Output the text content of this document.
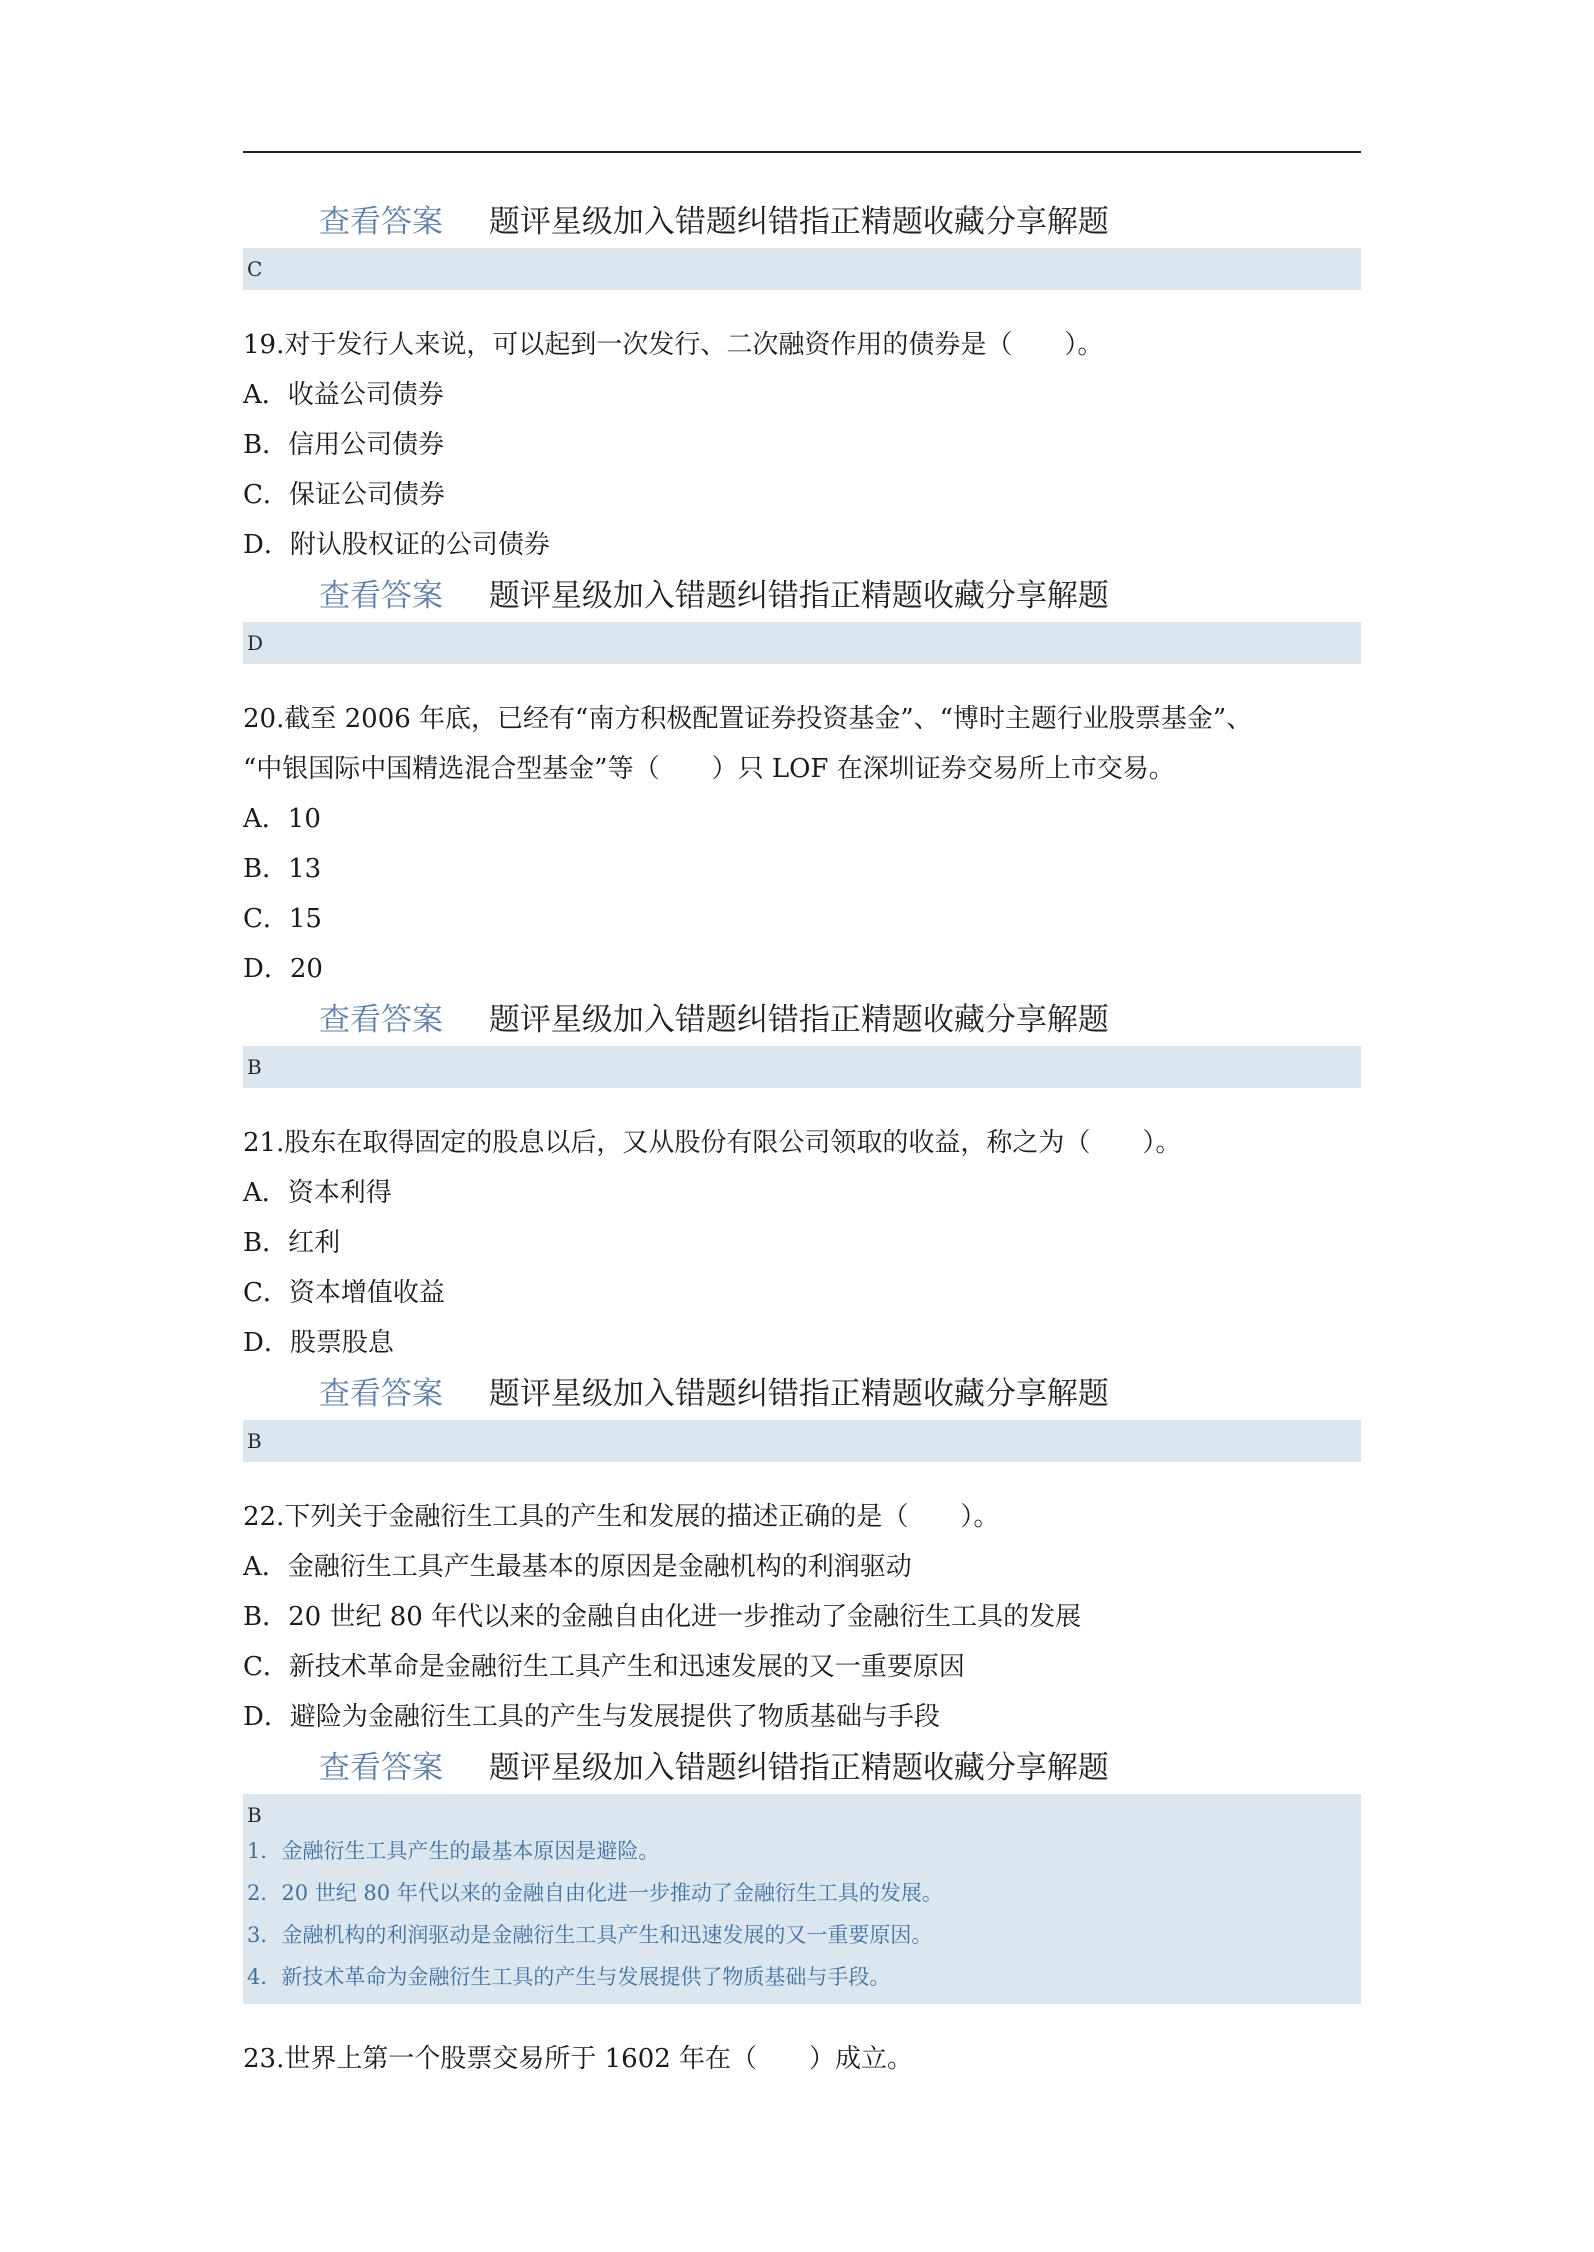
查看答案 题评星级加入错题纠错指正精题收藏分享解题
C
19.对于发行人来说，可以起到一次发行、二次融资作用的债券是（　　）。
A．收益公司债券
B．信用公司债券
C．保证公司债券
D．附认股权证的公司债券
查看答案 题评星级加入错题纠错指正精题收藏分享解题
D
20.截至 2006 年底，已经有“南方积极配置证券投资基金”、“博时主题行业股票基金”、
“中银国际中国精选混合型基金”等（　　）只 LOF 在深圳证券交易所上市交易。
A．10
B．13
C．15
D．20
查看答案 题评星级加入错题纠错指正精题收藏分享解题
B
21.股东在取得固定的股息以后，又从股份有限公司领取的收益，称之为（　　）。
A．资本利得
B．红利
C．资本增值收益
D．股票股息
查看答案 题评星级加入错题纠错指正精题收藏分享解题
B
22.下列关于金融衍生工具的产生和发展的描述正确的是（　　）。
A．金融衍生工具产生最基本的原因是金融机构的利润驱动
B．20 世纪 80 年代以来的金融自由化进一步推动了金融衍生工具的发展
C．新技术革命是金融衍生工具产生和迅速发展的又一重要原因
D．避险为金融衍生工具的产生与发展提供了物质基础与手段
查看答案 题评星级加入错题纠错指正精题收藏分享解题
B
1．金融衍生工具产生的最基本原因是避险。
2．20 世纪 80 年代以来的金融自由化进一步推动了金融衍生工具的发展。
3．金融机构的利润驱动是金融衍生工具产生和迅速发展的又一重要原因。
4．新技术革命为金融衍生工具的产生与发展提供了物质基础与手段。
23.世界上第一个股票交易所于 1602 年在（　　）成立。
